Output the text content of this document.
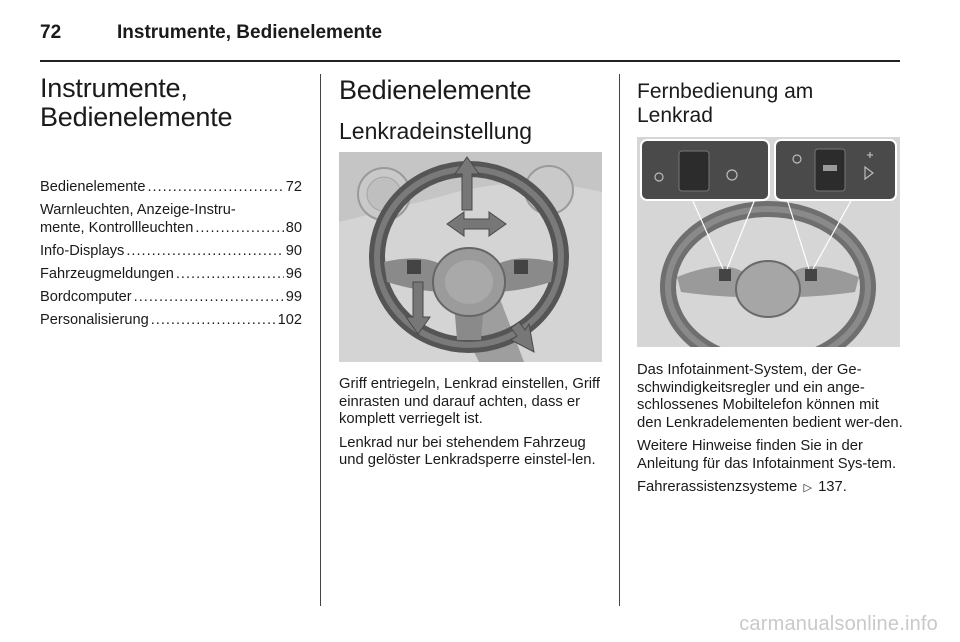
72	Instrumente, Bedienelemente
Instrumente,
Bedienelemente
Bedienelemente .....	72
Warnleuchten, Anzeige-Instru-
mente, Kontrollleuchten .....	80
Info-Displays .....	90
Fahrzeugmeldungen .....	96
Bordcomputer .....	99
Personalisierung .....	102
Bedienelemente
Lenkradeinstellung

Griff entriegeln, Lenkrad einstellen, Griff einrasten und darauf achten, dass er komplett verriegelt ist.

Lenkrad nur bei stehendem Fahrzeug und gelöster Lenkradsperre einstel-len.

Fernbedienung am
Lenkrad

Das Infotainment-System, der Ge-schwindigkeitsregler und ein ange-schlossenes Mobiltelefon können mit den Lenkradelementen bedient wer-den.

Weitere Hinweise finden Sie in der Anleitung für das Infotainment Sys-tem.

Fahrerassistenzsysteme ▷ 137.

carmanualsonline.info
